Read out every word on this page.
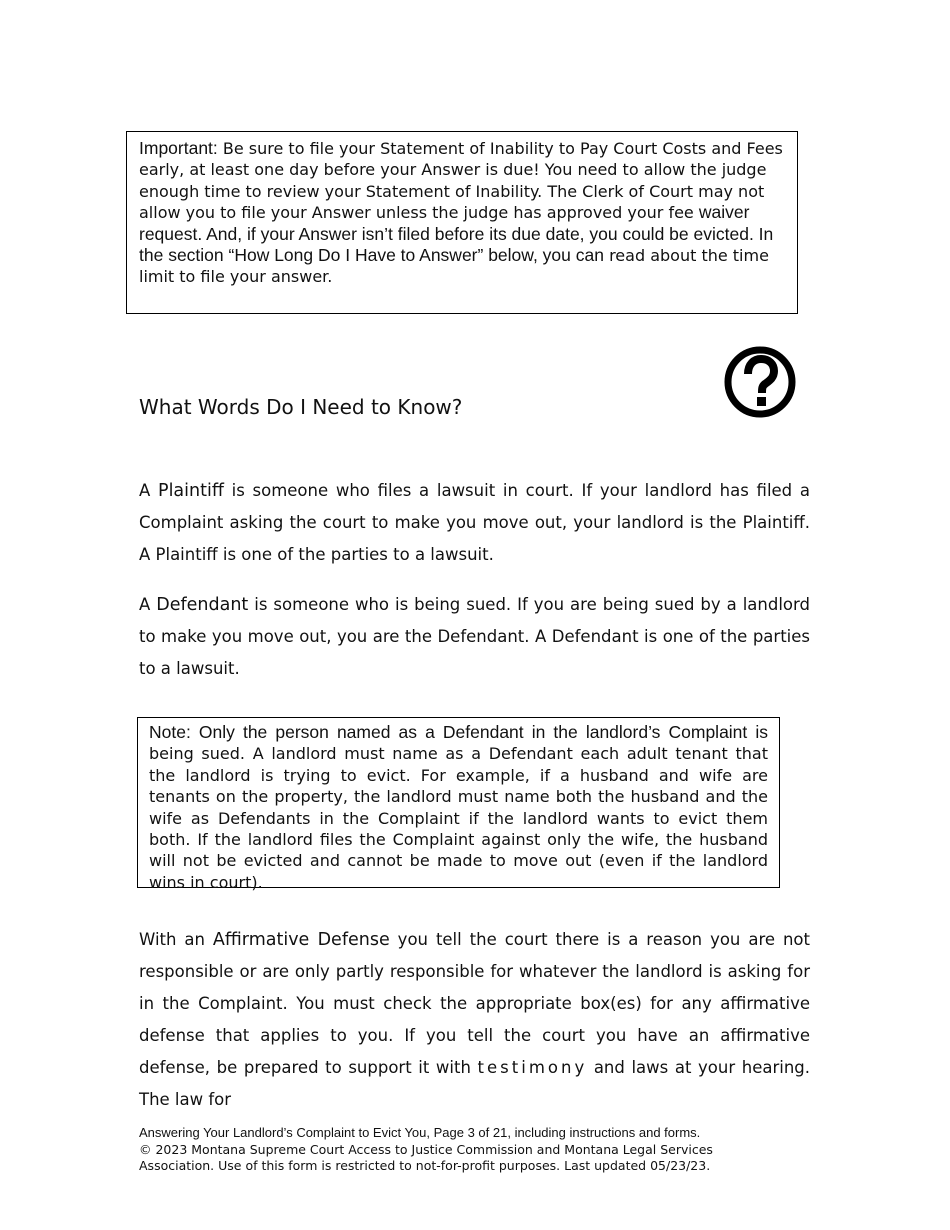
Important: Be sure to file your Statement of Inability to Pay Court Costs and Fees early, at least one day before your Answer is due! You need to allow the judge enough time to review your Statement of Inability. The Clerk of Court may not allow you to file your Answer unless the judge has approved your fee waiver request. And, if your Answer isn’t filed before its due date, you could be evicted. In the section “How Long Do I Have to Answer” below, you can read about the time limit to file your answer.
What Words Do I Need to Know?

A Plaintiff is someone who files a lawsuit in court. If your landlord has filed a Complaint asking the court to make you move out, your landlord is the Plaintiff. A Plaintiff is one of the parties to a lawsuit.

A Defendant is someone who is being sued. If you are being sued by a landlord to make you move out, you are the Defendant. A Defendant is one of the parties to a lawsuit.

Note: Only the person named as a Defendant in the landlord’s Complaint is being sued. A landlord must name as a Defendant each adult tenant that the landlord is trying to evict. For example, if a husband and wife are tenants on the property, the landlord must name both the husband and the wife as Defendants in the Complaint if the landlord wants to evict them both. If the landlord files the Complaint against only the wife, the husband will not be evicted and cannot be made to move out (even if the landlord wins in court).

With an Affirmative Defense you tell the court there is a reason you are not responsible or are only partly responsible for whatever the landlord is asking for in the Complaint. You must check the appropriate box(es) for any affirmative defense that applies to you. If you tell the court you have an affirmative defense, be prepared to support it with testimony and laws at your hearing. The law for

Answering Your Landlord’s Complaint to Evict You, Page 3 of 21, including instructions and forms.
© 2023 Montana Supreme Court Access to Justice Commission and Montana Legal Services
Association. Use of this form is restricted to not-for-profit purposes. Last updated 05/23/23.
